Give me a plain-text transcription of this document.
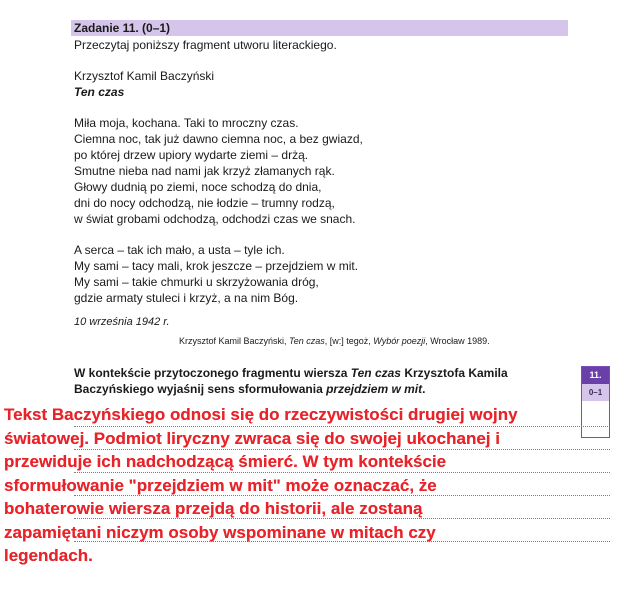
Zadanie 11. (0–1)
Przeczytaj poniższy fragment utworu literackiego.
Krzysztof Kamil Baczyński
Ten czas
Miła moja, kochana. Taki to mroczny czas.
Ciemna noc, tak już dawno ciemna noc, a bez gwiazd,
po której drzew upiory wydarte ziemi – drżą.
Smutne nieba nad nami jak krzyż złamanych rąk.
Głowy dudnią po ziemi, noce schodzą do dnia,
dni do nocy odchodzą, nie łodzie – trumny rodzą,
w świat grobami odchodzą, odchodzi czas we snach.
A serca – tak ich mało, a usta – tyle ich.
My sami – tacy mali, krok jeszcze – przejdziem w mit.
My sami – takie chmurki u skrzyżowania dróg,
gdzie armaty stuleci i krzyż, a na nim Bóg.
10 września 1942 r.
Krzysztof Kamil Baczyński, Ten czas, [w:] tegoż, Wybór poezji, Wrocław 1989.
W kontekście przytoczonego fragmentu wiersza Ten czas Krzysztofa Kamila
Baczyńskiego wyjaśnij sens sformułowania przejdziem w mit.
11.
0–1
Tekst Baczyńskiego odnosi się do rzeczywistości drugiej wojny
światowej. Podmiot liryczny zwraca się do swojej ukochanej i
przewiduje ich nadchodzącą śmierć. W tym kontekście
sformułowanie "przejdziem w mit" może oznaczać, że
bohaterowie wiersza przejdą do historii, ale zostaną
zapamiętani niczym osoby wspominane w mitach czy
legendach.
